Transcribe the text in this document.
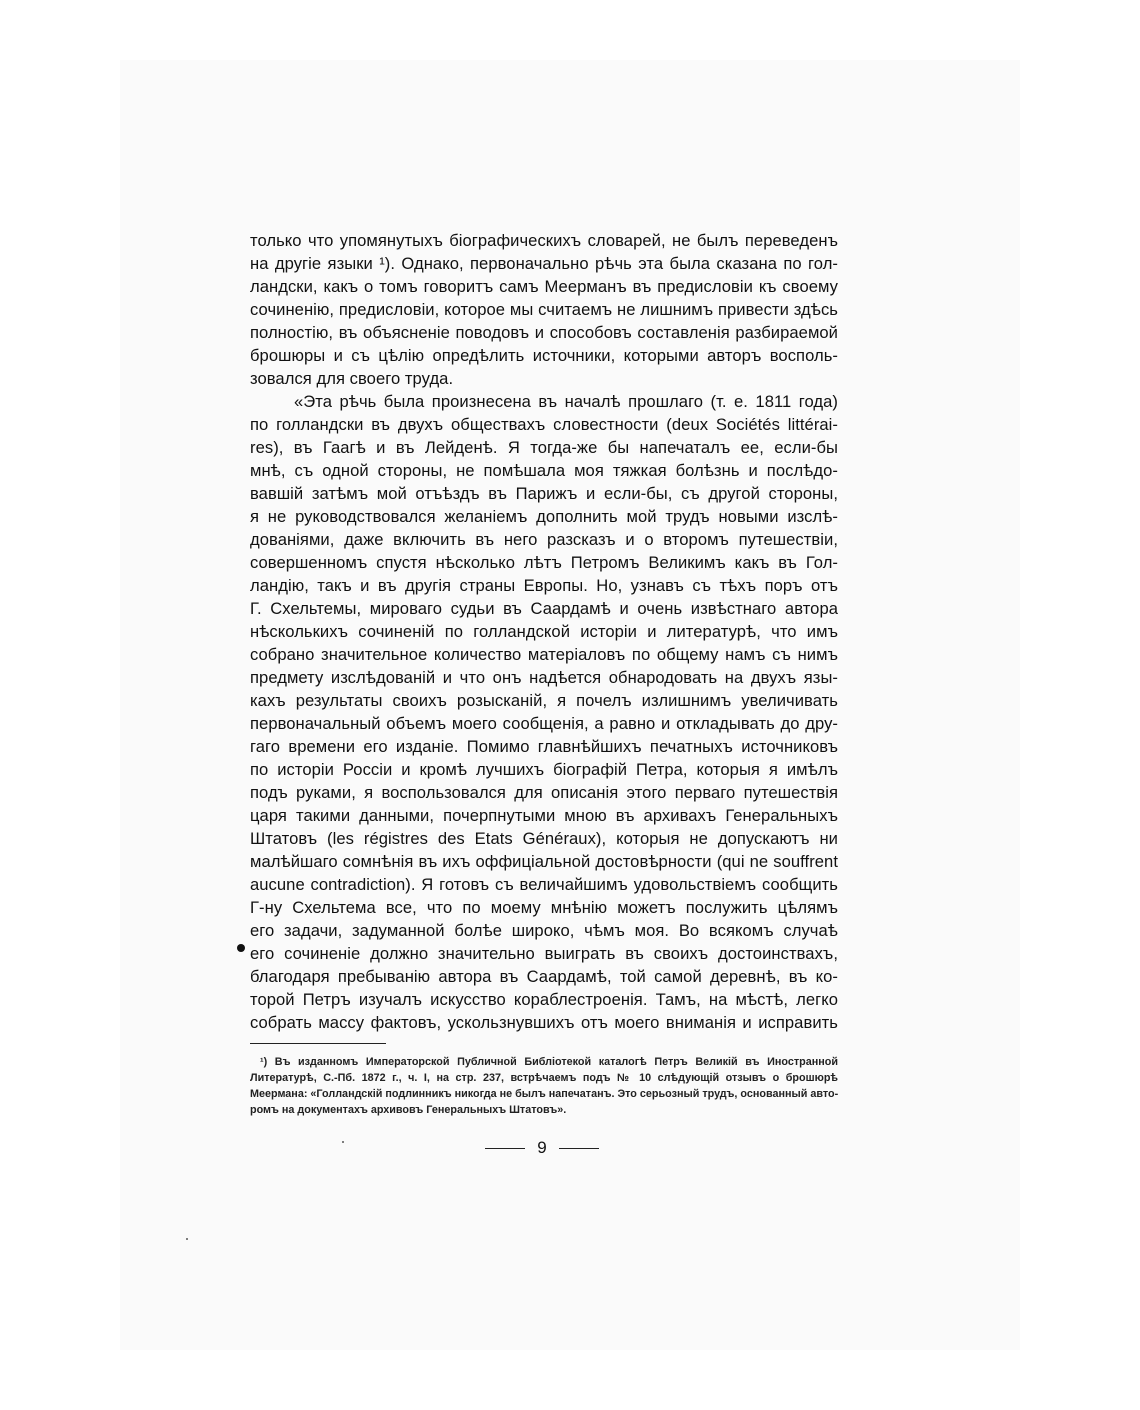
только что упомянутыхъ біографическихъ словарей, не былъ переведенъ
на другіе языки ¹). Однако, первоначально рѣчь эта была сказана по гол-
ландски, какъ о томъ говоритъ самъ Меерманъ въ предисловіи къ своему
сочиненію, предисловіи, которое мы считаемъ не лишнимъ привести здѣсь
полностію, въ объясненіе поводовъ и способовъ составленія разбираемой
брошюры и съ цѣлію опредѣлить источники, которыми авторъ восполь-
зовался для своего труда.
«Эта рѣчь была произнесена въ началѣ прошлаго (т. е. 1811 года)
по голландски въ двухъ обществахъ словестности (deux Sociétés littérai-
res), въ Гаагѣ и въ Лейденѣ. Я тогда-же бы напечаталъ ее, если-бы
мнѣ, съ одной стороны, не помѣшала моя тяжкая болѣзнь и послѣдо-
вавшій затѣмъ мой отъѣздъ въ Парижъ и если-бы, съ другой стороны,
я не руководствовался желаніемъ дополнить мой трудъ новыми изслѣ-
дованіями, даже включить въ него разсказъ и о второмъ путешествіи,
совершенномъ спустя нѣсколько лѣтъ Петромъ Великимъ какъ въ Гол-
ландію, такъ и въ другія страны Европы. Но, узнавъ съ тѣхъ поръ отъ
Г. Схельтемы, мироваго судьи въ Саардамѣ и очень извѣстнаго автора
нѣсколькихъ сочиненій по голландской исторіи и литературѣ, что имъ
собрано значительное количество матеріаловъ по общему намъ съ нимъ
предмету изслѣдованій и что онъ надѣется обнародовать на двухъ язы-
кахъ результаты своихъ розысканій, я почелъ излишнимъ увеличивать
первоначальный объемъ моего сообщенія, а равно и откладывать до дру-
гаго времени его изданіе. Помимо главнѣйшихъ печатныхъ источниковъ
по исторіи Россіи и кромѣ лучшихъ біографій Петра, которыя я имѣлъ
подъ руками, я воспользовался для описанія этого перваго путешествія
царя такими данными, почерпнутыми мною въ архивахъ Генеральныхъ
Штатовъ (les régistres des Etats Généraux), которыя не допускаютъ ни
малѣйшаго сомнѣнія въ ихъ оффиціальной достовѣрности (qui ne souffrent
aucune contradiction). Я готовъ съ величайшимъ удовольствіемъ сообщить
Г-ну Схельтема все, что по моему мнѣнію можетъ послужить цѣлямъ
его задачи, задуманной болѣе широко, чѣмъ моя. Во всякомъ случаѣ
его сочиненіе должно значительно выиграть въ своихъ достоинствахъ,
благодаря пребыванію автора въ Саардамѣ, той самой деревнѣ, въ ко-
торой Петръ изучалъ искусство кораблестроенія. Тамъ, на мѣстѣ, легко
собрать массу фактовъ, ускользнувшихъ отъ моего вниманія и исправить
¹) Въ изданномъ Императорской Публичной Библіотекой каталогѣ Петръ Великій въ Иностранной
Литературѣ, С.-Пб. 1872 г., ч. I, на стр. 237, встрѣчаемъ подъ № 10 слѣдующій отзывъ о брошюрѣ
Меермана: «Голландскій подлинникъ никогда не былъ напечатанъ. Это серьозный трудъ, основанный авто-
ромъ на документахъ архивовъ Генеральныхъ Штатовъ».
9
